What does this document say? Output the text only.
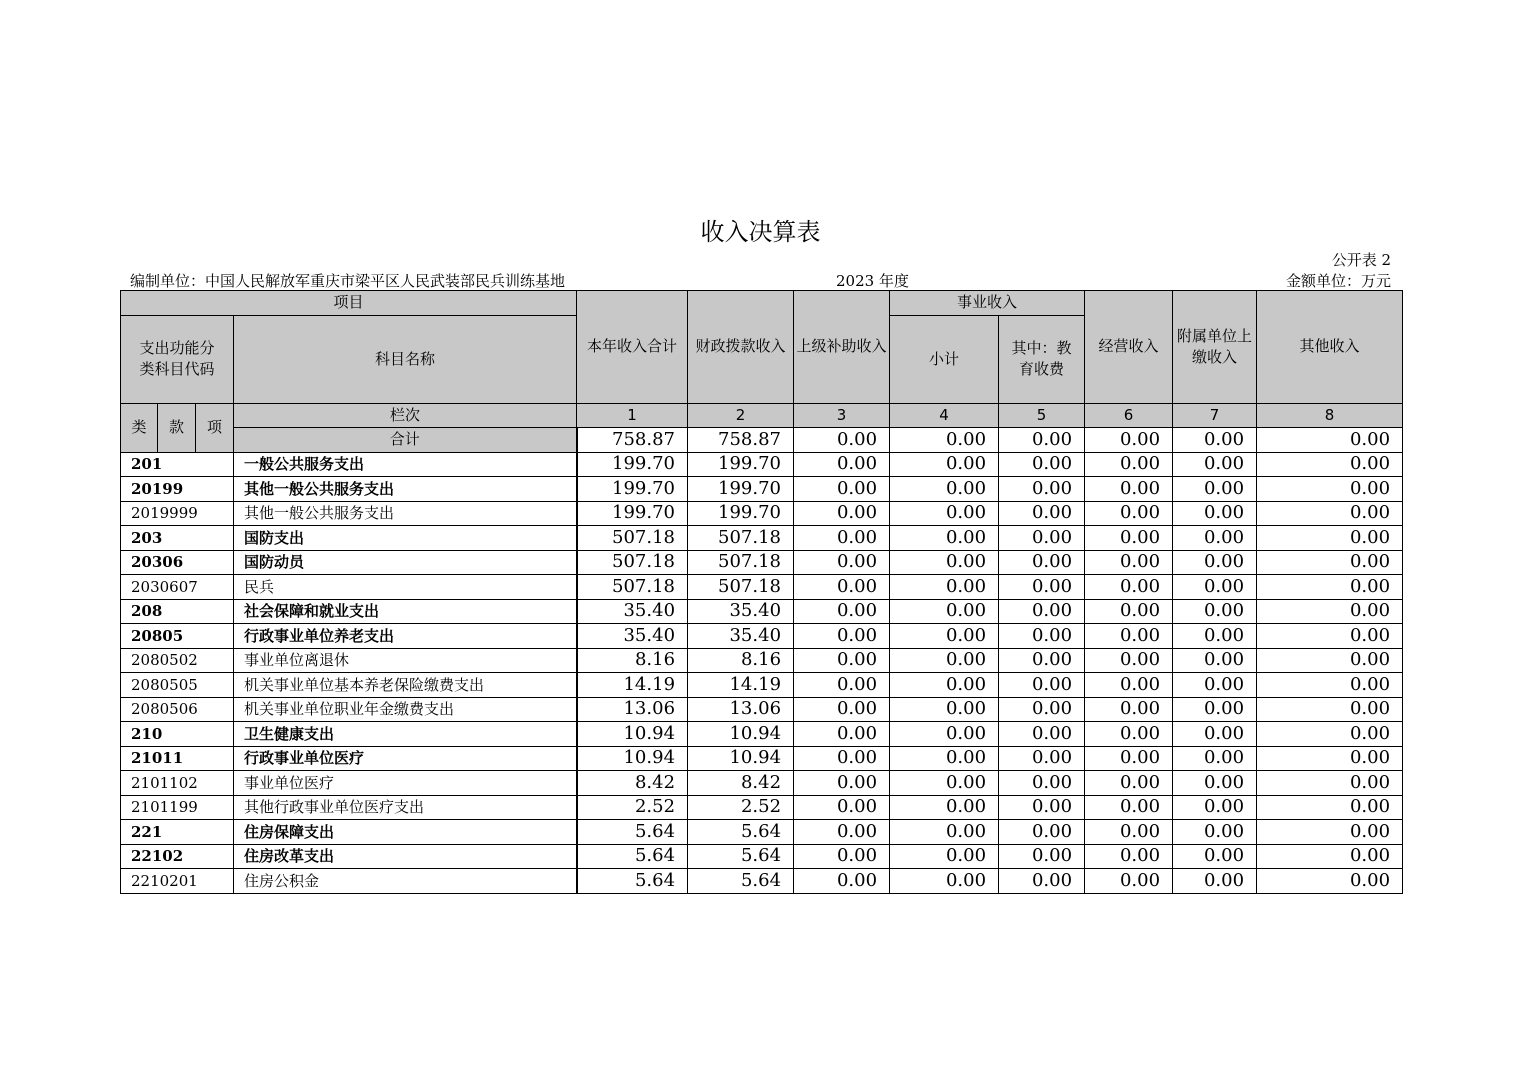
收入决算表
公开表 2
编制单位：中国人民解放军重庆市梁平区人民武装部民兵训练基地	2023 年度	金额单位：万元
项目				本年收入合计	财政拨款收入	上级补助收入	事业收入		经营收入	附属单位上缴收入	其他收入
支出功能分类科目代码			科目名称				小计	其中：教育收费			
类	款	项	栏次	1	2	3	4	5	6	7	8
			合计	758.87	758.87	0.00	0.00	0.00	0.00	0.00	0.00
201			一般公共服务支出	199.70	199.70	0.00	0.00	0.00	0.00	0.00	0.00
20199			其他一般公共服务支出	199.70	199.70	0.00	0.00	0.00	0.00	0.00	0.00
2019999			其他一般公共服务支出	199.70	199.70	0.00	0.00	0.00	0.00	0.00	0.00
203			国防支出	507.18	507.18	0.00	0.00	0.00	0.00	0.00	0.00
20306			国防动员	507.18	507.18	0.00	0.00	0.00	0.00	0.00	0.00
2030607			民兵	507.18	507.18	0.00	0.00	0.00	0.00	0.00	0.00
208			社会保障和就业支出	35.40	35.40	0.00	0.00	0.00	0.00	0.00	0.00
20805			行政事业单位养老支出	35.40	35.40	0.00	0.00	0.00	0.00	0.00	0.00
2080502			事业单位离退休	8.16	8.16	0.00	0.00	0.00	0.00	0.00	0.00
2080505			机关事业单位基本养老保险缴费支出	14.19	14.19	0.00	0.00	0.00	0.00	0.00	0.00
2080506			机关事业单位职业年金缴费支出	13.06	13.06	0.00	0.00	0.00	0.00	0.00	0.00
210			卫生健康支出	10.94	10.94	0.00	0.00	0.00	0.00	0.00	0.00
21011			行政事业单位医疗	10.94	10.94	0.00	0.00	0.00	0.00	0.00	0.00
2101102			事业单位医疗	8.42	8.42	0.00	0.00	0.00	0.00	0.00	0.00
2101199			其他行政事业单位医疗支出	2.52	2.52	0.00	0.00	0.00	0.00	0.00	0.00
221			住房保障支出	5.64	5.64	0.00	0.00	0.00	0.00	0.00	0.00
22102			住房改革支出	5.64	5.64	0.00	0.00	0.00	0.00	0.00	0.00
2210201			住房公积金	5.64	5.64	0.00	0.00	0.00	0.00	0.00	0.00
